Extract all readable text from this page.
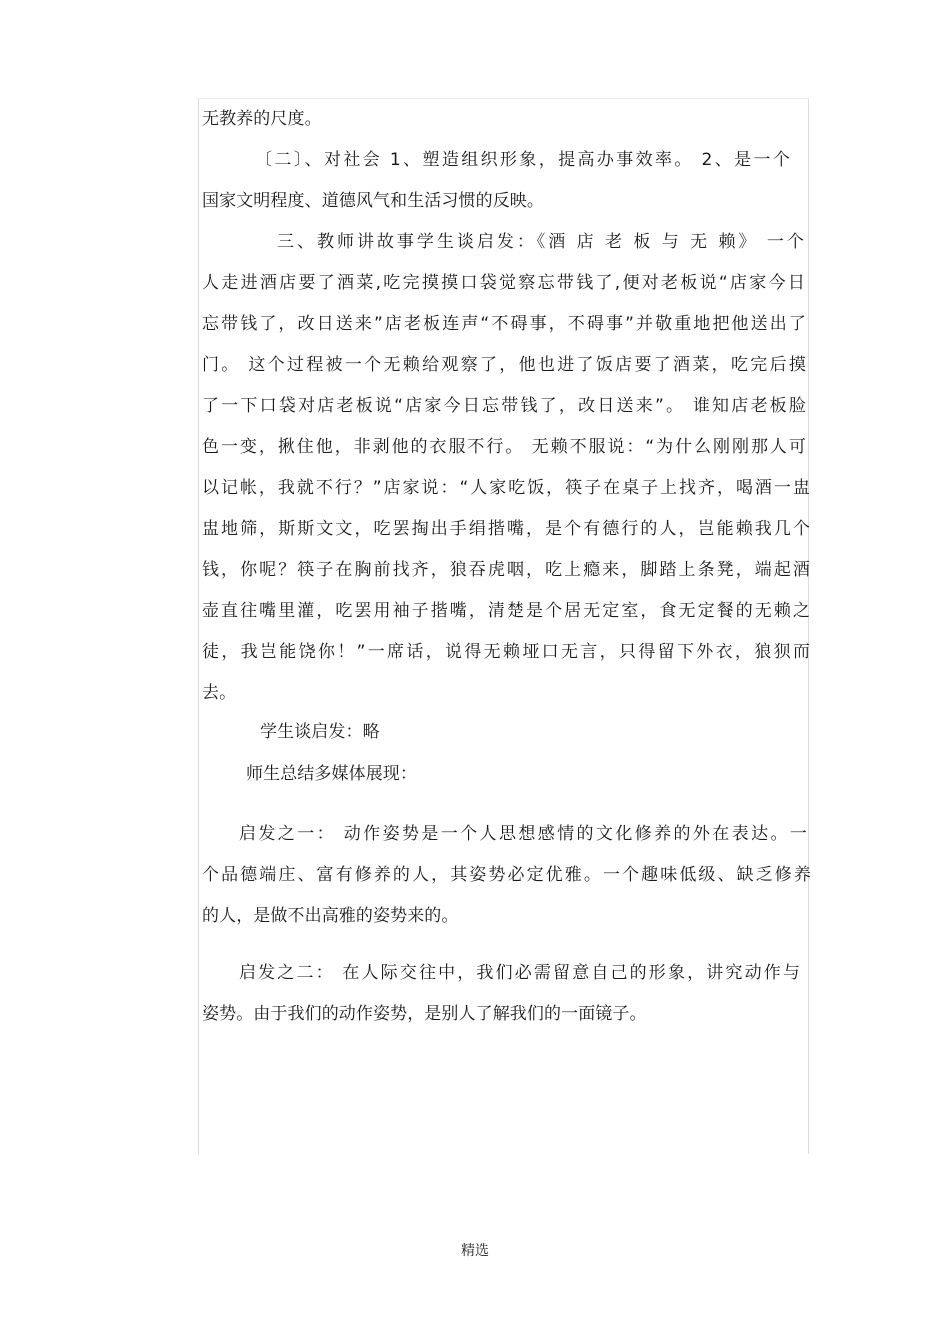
无教养的尺度。
〔二〕、对社会 1、塑造组织形象，提高办事效率。 2、是一个
国家文明程度、道德风气和生活习惯的反映。
三、教师讲故事学生谈启发：《酒 店 老 板 与 无 赖》 一个
人走进酒店要了酒菜,吃完摸摸口袋觉察忘带钱了,便对老板说“店家今日
忘带钱了，改日送来”店老板连声“不碍事，不碍事”并敬重地把他送出了
门。 这个过程被一个无赖给观察了，他也进了饭店要了酒菜，吃完后摸
了一下口袋对店老板说“店家今日忘带钱了，改日送来”。 谁知店老板脸
色一变，揪住他，非剥他的衣服不行。 无赖不服说：“为什么刚刚那人可
以记帐，我就不行？”店家说：“人家吃饭，筷子在桌子上找齐，喝酒一盅
盅地筛，斯斯文文，吃罢掏出手绢揩嘴，是个有德行的人，岂能赖我几个
钱，你呢？筷子在胸前找齐，狼吞虎咽，吃上瘾来，脚踏上条凳，端起酒
壶直往嘴里灌，吃罢用袖子揩嘴，清楚是个居无定室，食无定餐的无赖之
徒，我岂能饶你！”一席话，说得无赖垭口无言，只得留下外衣，狼狈而
去。
学生谈启发：略
师生总结多媒体展现：
启发之一： 动作姿势是一个人思想感情的文化修养的外在表达。一
个品德端庄、富有修养的人，其姿势必定优雅。一个趣味低级、缺乏修养
的人，是做不出高雅的姿势来的。
启发之二： 在人际交往中，我们必需留意自己的形象，讲究动作与
姿势。由于我们的动作姿势，是别人了解我们的一面镜子。
精选
